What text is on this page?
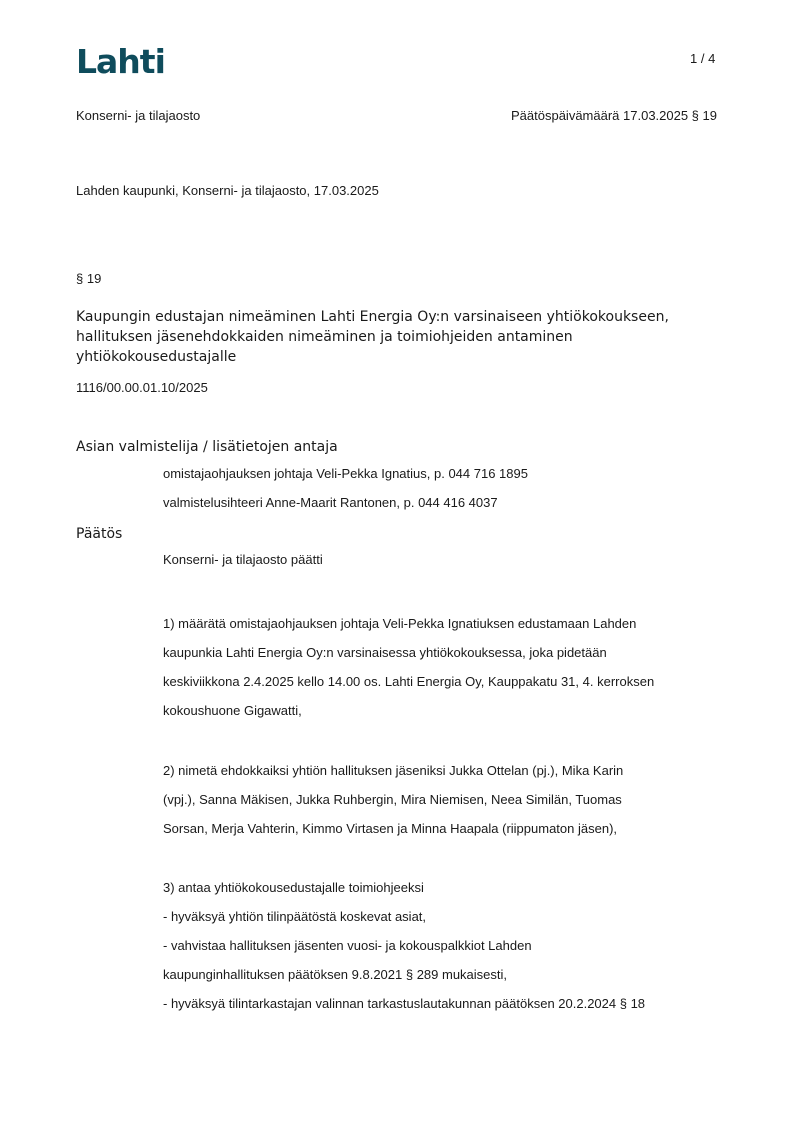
Lahti	1 / 4
Konserni- ja tilajaosto	Päätöspäivämäärä 17.03.2025 § 19
Lahden kaupunki, Konserni- ja tilajaosto, 17.03.2025
§ 19
Kaupungin edustajan nimeäminen Lahti Energia Oy:n varsinaiseen yhtiökokoukseen,
hallituksen jäsenehdokkaiden nimeäminen ja toimiohjeiden antaminen
yhtiökokousedustajalle
1116/00.00.01.10/2025
Asian valmistelija / lisätietojen antaja
omistajaohjauksen johtaja Veli-Pekka Ignatius, p. 044 716 1895
valmistelusihteeri Anne-Maarit Rantonen, p. 044 416 4037
Päätös
Konserni- ja tilajaosto päätti
1) määrätä omistajaohjauksen johtaja Veli-Pekka Ignatiuksen edustamaan Lahden
kaupunkia Lahti Energia Oy:n varsinaisessa yhtiökokouksessa, joka pidetään
keskiviikkona 2.4.2025 kello 14.00 os. Lahti Energia Oy, Kauppakatu 31, 4. kerroksen
kokoushuone Gigawatti,
2) nimetä ehdokkaiksi yhtiön hallituksen jäseniksi Jukka Ottelan (pj.), Mika Karin
(vpj.), Sanna Mäkisen, Jukka Ruhbergin, Mira Niemisen, Neea Similän, Tuomas
Sorsan, Merja Vahterin, Kimmo Virtasen ja Minna Haapala (riippumaton jäsen),
3) antaa yhtiökokousedustajalle toimiohjeeksi
- hyväksyä yhtiön tilinpäätöstä koskevat asiat,
- vahvistaa hallituksen jäsenten vuosi- ja kokouspalkkiot Lahden
kaupunginhallituksen päätöksen 9.8.2021 § 289 mukaisesti,
- hyväksyä tilintarkastajan valinnan tarkastuslautakunnan päätöksen 20.2.2024 § 18
